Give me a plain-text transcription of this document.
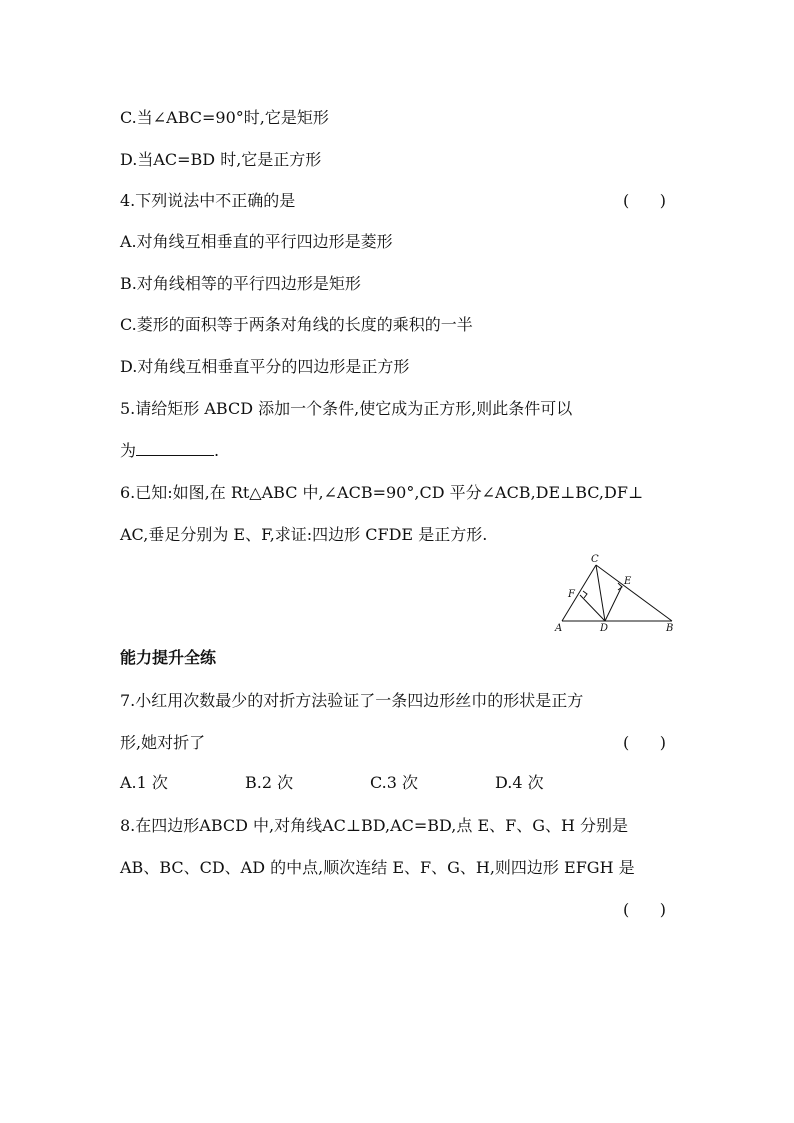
C.当∠ABC=90°时,它是矩形
D.当AC=BD 时,它是正方形
4.下列说法中不正确的是	(      )
A.对角线互相垂直的平行四边形是菱形
B.对角线相等的平行四边形是矩形
C.菱形的面积等于两条对角线的长度的乘积的一半
D.对角线互相垂直平分的四边形是正方形
5.请给矩形 ABCD 添加一个条件,使它成为正方形,则此条件可以
为	.
6.已知:如图,在 Rt△ABC 中,∠ACB=90°,CD 平分∠ACB,DE⊥BC,DF⊥
AC,垂足分别为 E、F,求证:四边形 CFDE 是正方形.
C
E
F
A	D	B
能力提升全练
7.小红用次数最少的对折方法验证了一条四边形丝巾的形状是正方
形,她对折了	(      )
A.1 次	B.2 次	C.3 次	D.4 次
8.在四边形ABCD 中,对角线AC⊥BD,AC=BD,点 E、F、G、H 分别是
AB、BC、CD、AD 的中点,顺次连结 E、F、G、H,则四边形 EFGH 是
(      )
